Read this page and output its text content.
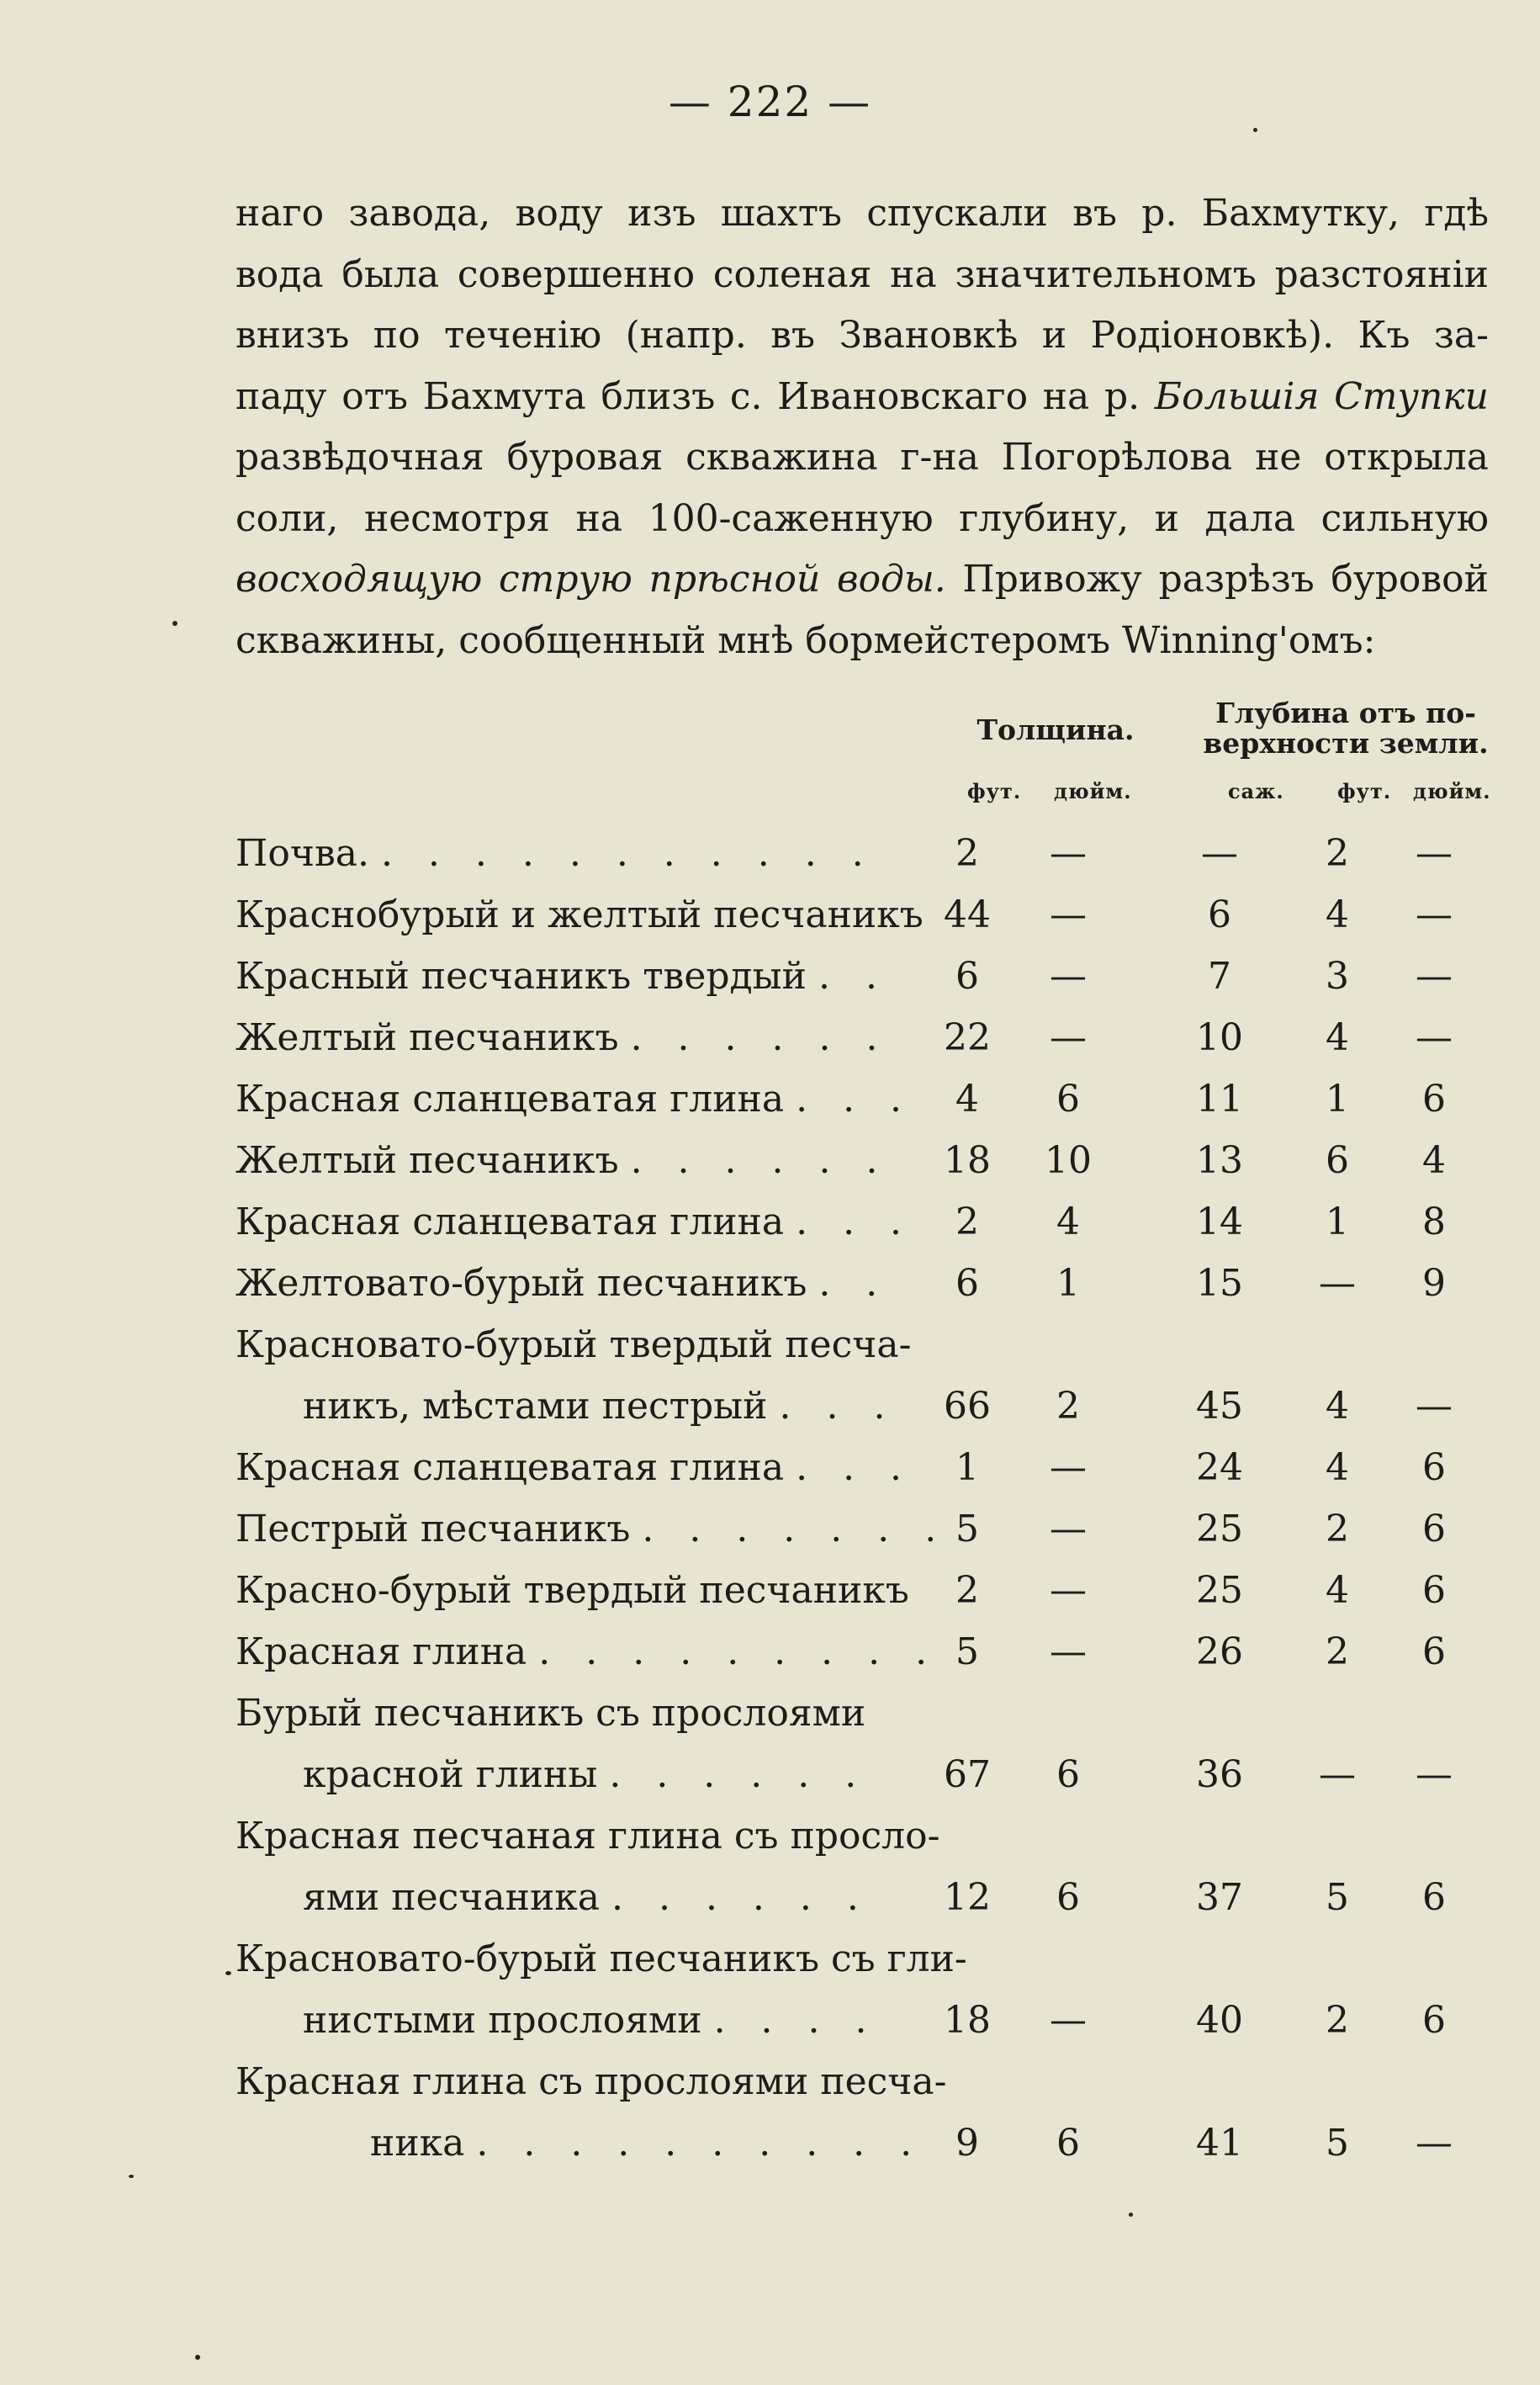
— 222 —
наго завода, воду изъ шахтъ спускали въ р. Бахмутку, гдѣ
вода была совершенно соленая на значительномъ разстоянiи
внизъ по теченiю (напр. въ Звановкѣ и Родiоновкѣ). Къ за-
паду отъ Бахмута близъ с. Ивановскаго на р. Большiя Ступки
развѣдочная буровая скважина г-на Погорѣлова не открыла
соли, несмотря на 100-саженную глубину, и дала сильную
восходящую струю прѣсной воды. Привожу разрѣзъ буровой
скважины, сообщенный мнѣ бормейстеромъ Winning'омъ:
Толщина.
Глубина отъ по-
верхности земли.
фут. дюйм.	саж.	фут. дюйм.
Почва. . . . . . . . . . . .	2	—	—	2	—
Краснобурый и желтый песчаникъ 44	—	6	4	—
Красный песчаникъ твердый . .	6	—	7	3	—
Желтый песчаникъ . . . . . .	22	—	10	4	—
Красная сланцеватая глина . . .	4	6	11	1	6
Желтый песчаникъ . . . . . .	18	10	13	6	4
Красная сланцеватая глина . . .	2	4	14	1	8
Желтовато-бурый песчаникъ . .	6	1	15	—	9
Красновато-бурый твердый песча-
никъ, мѣстами пестрый . . .	66	2	45	4	—
Красная сланцеватая глина . . .	1	—	24	4	6
Пестрый песчаникъ . . . . . . . 5	—	25	2	6
Красно-бурый твердый песчаникъ	2	—	25	4	6
Красная глина . . . . . . . . . 5	—	26	2	6
Бурый песчаникъ съ прослоями
красной глины . . . . . .	67	6	36	—	—
Красная песчаная глина съ просло-
ями песчаника . . . . . .	12	6	37	5	6
Красновато-бурый песчаникъ съ гли-
нистыми прослоями . . . .	18	—	40	2	6
Красная глина съ прослоями песча-
ника . . . . . . . . . . 9	6	41	5	—
